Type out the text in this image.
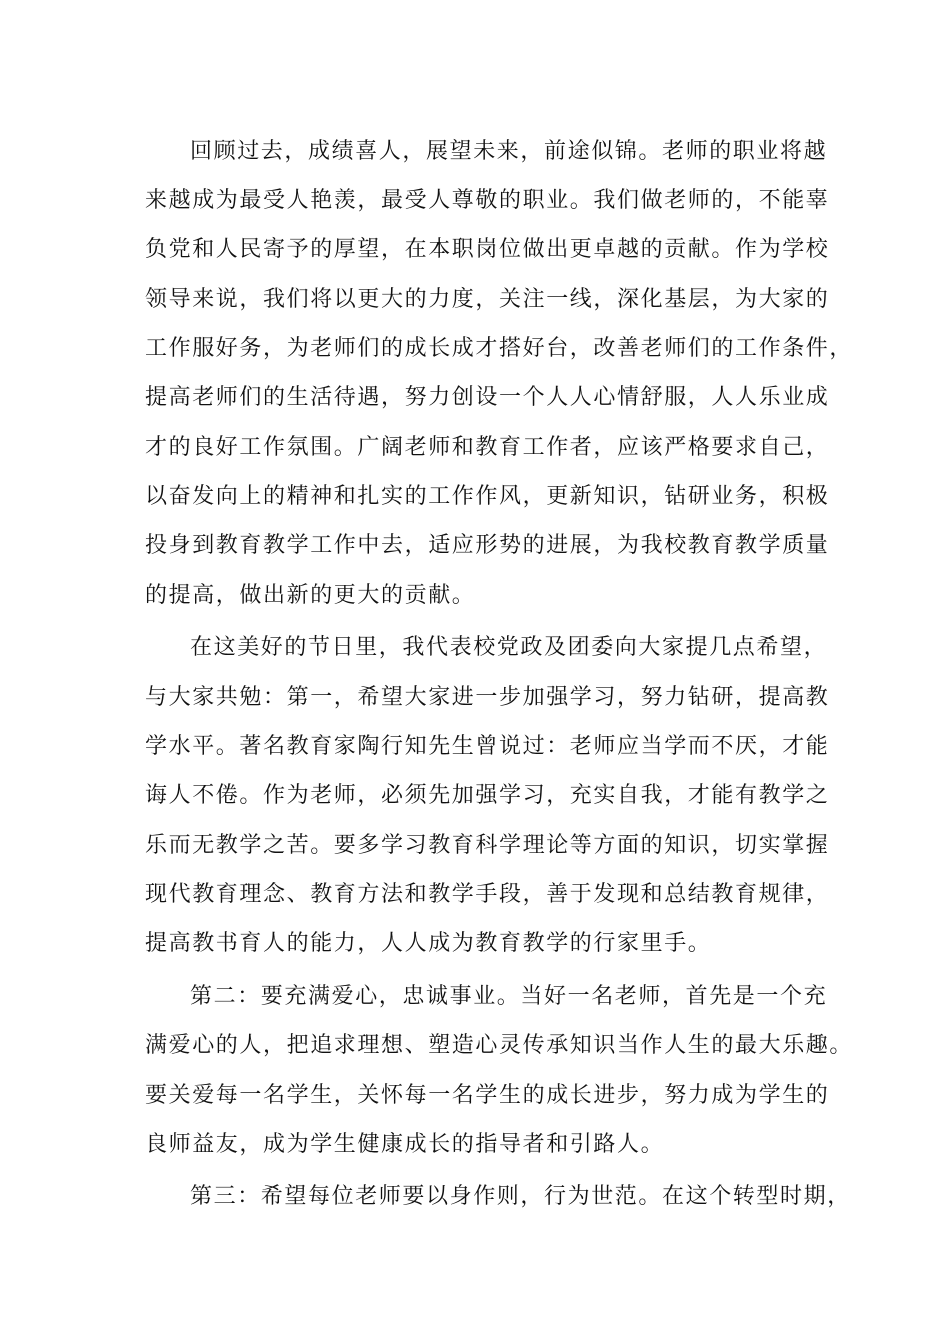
回顾过去，成绩喜人，展望未来，前途似锦。老师的职业将越
来越成为最受人艳羡，最受人尊敬的职业。我们做老师的，不能辜
负党和人民寄予的厚望，在本职岗位做出更卓越的贡献。作为学校
领导来说，我们将以更大的力度，关注一线，深化基层，为大家的
工作服好务，为老师们的成长成才搭好台，改善老师们的工作条件，
提高老师们的生活待遇，努力创设一个人人心情舒服，人人乐业成
才的良好工作氛围。广阔老师和教育工作者，应该严格要求自己，
以奋发向上的精神和扎实的工作作风，更新知识，钻研业务，积极
投身到教育教学工作中去，适应形势的进展，为我校教育教学质量
的提高，做出新的更大的贡献。
在这美好的节日里，我代表校党政及团委向大家提几点希望，
与大家共勉：第一，希望大家进一步加强学习，努力钻研，提高教
学水平。著名教育家陶行知先生曾说过：老师应当学而不厌，才能
诲人不倦。作为老师，必须先加强学习，充实自我，才能有教学之
乐而无教学之苦。要多学习教育科学理论等方面的知识，切实掌握
现代教育理念、教育方法和教学手段，善于发现和总结教育规律，
提高教书育人的能力，人人成为教育教学的行家里手。
第二：要充满爱心，忠诚事业。当好一名老师，首先是一个充
满爱心的人，把追求理想、塑造心灵传承知识当作人生的最大乐趣。
要关爱每一名学生，关怀每一名学生的成长进步，努力成为学生的
良师益友，成为学生健康成长的指导者和引路人。
第三：希望每位老师要以身作则，行为世范。在这个转型时期，
